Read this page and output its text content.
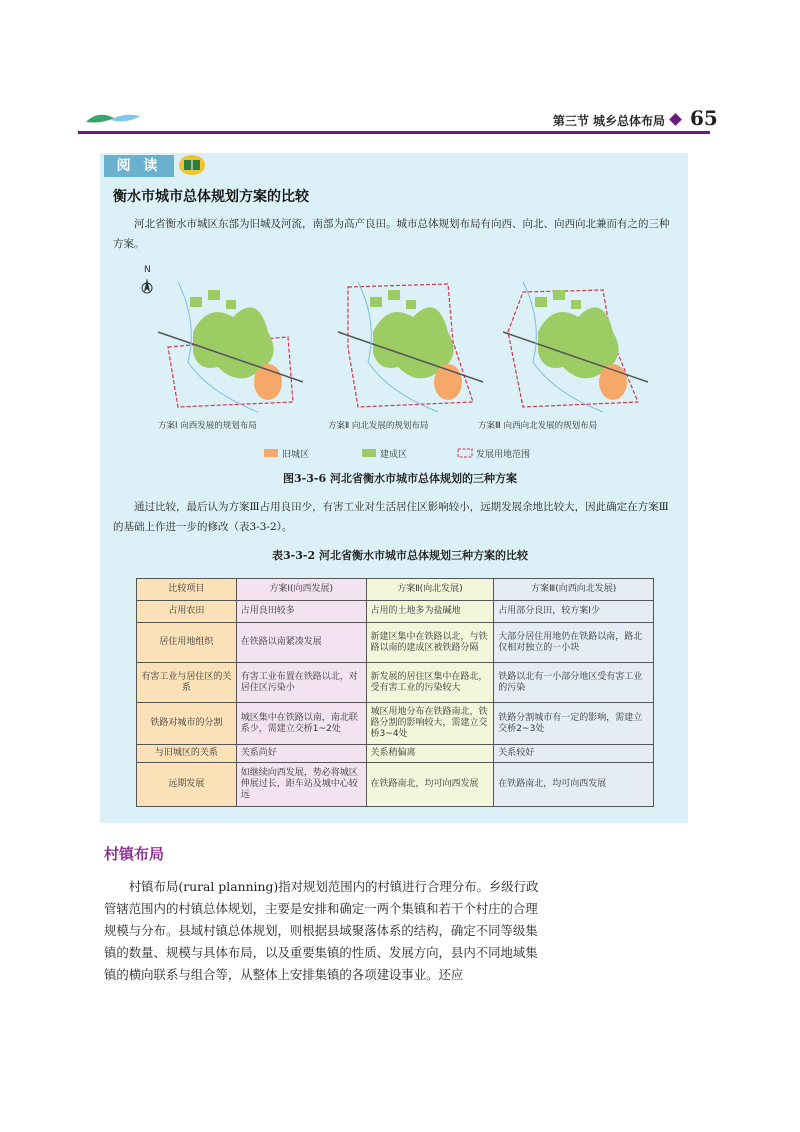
第三节 城乡总体布局 65
阅 读
衡水市城市总体规划方案的比较
河北省衡水市城区东部为旧城及河流，南部为高产良田。城市总体规划布局有向西、向北、向西向北兼而有之的三种方案。
N
方案Ⅰ 向西发展的规划布局	方案Ⅱ 向北发展的规划布局	方案Ⅲ 向西向北发展的规划布局
旧城区	建成区	发展用地范围
图3-3-6 河北省衡水市城市总体规划的三种方案
通过比较，最后认为方案Ⅲ占用良田少，有害工业对生活居住区影响较小，远期发展余地比较大，因此确定在方案Ⅲ的基础上作进一步的修改（表3-3-2）。
表3-3-2 河北省衡水市城市总体规划三种方案的比较
比较项目	方案Ⅰ(向西发展)	方案Ⅱ(向北发展)	方案Ⅲ(向西向北发展)
占用农田	占用良田较多	占用的土地多为盐碱地	占用部分良田，较方案Ⅰ少
居住用地组织	在铁路以南紧凑发展	新建区集中在铁路以北，与铁路以南的建成区被铁路分隔	大部分居住用地仍在铁路以南，路北仅相对独立的一小块
有害工业与居住区的关系	有害工业布置在铁路以北，对居住区污染小	新发展的居住区集中在路北，受有害工业的污染较大	铁路以北有一小部分地区受有害工业的污染
铁路对城市的分割	城区集中在铁路以南，南北联系少，需建立交桥1~2处	城区用地分布在铁路南北，铁路分割的影响较大，需建立交桥3~4处	铁路分割城市有一定的影响，需建立交桥2~3处
与旧城区的关系	关系尚好	关系稍偏离	关系较好
远期发展	如继续向西发展，势必将城区伸展过长，距车站及城中心较远	在铁路南北，均可向西发展	在铁路南北，均可向西发展
村镇布局

村镇布局(rural planning)指对规划范围内的村镇进行合理分布。乡级行政管辖范围内的村镇总体规划，主要是安排和确定一两个集镇和若干个村庄的合理规模与分布。县域村镇总体规划，则根据县域聚落体系的结构，确定不同等级集镇的数量、规模与具体布局，以及重要集镇的性质、发展方向，县内不同地域集镇的横向联系与组合等，从整体上安排集镇的各项建设事业。还应
